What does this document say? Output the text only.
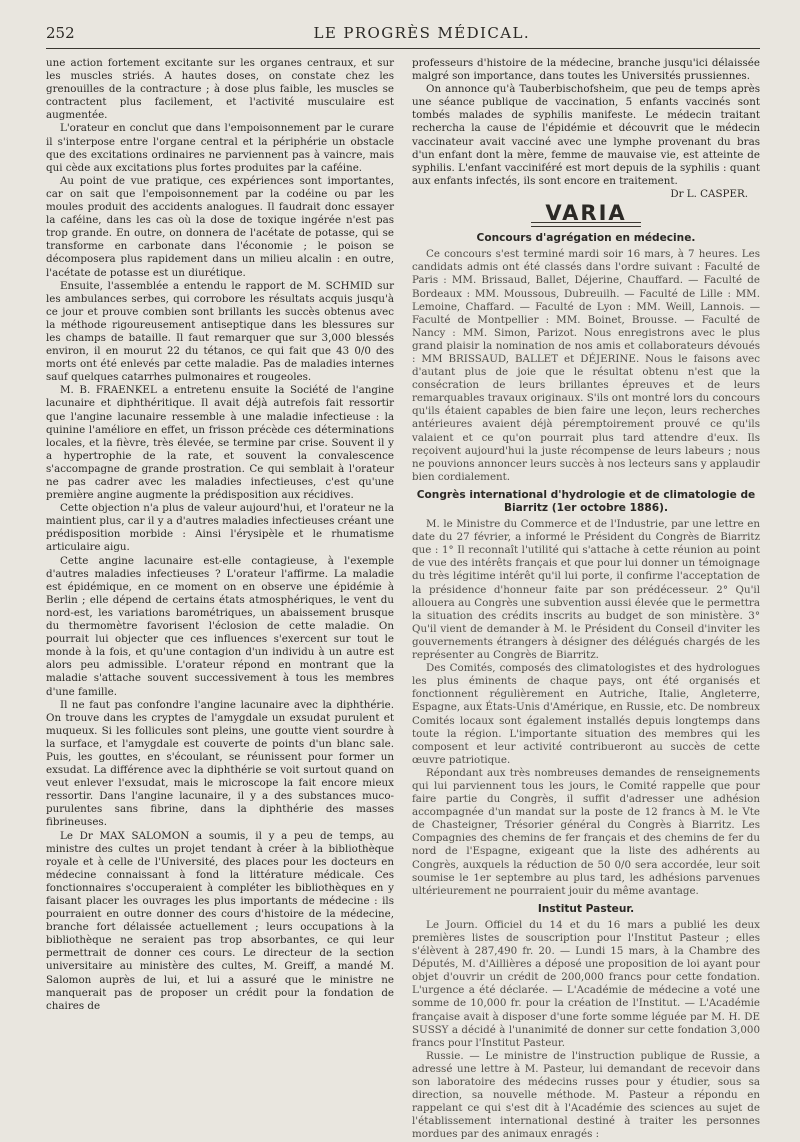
252	LE PROGRÈS MÉDICAL.

une action fortement excitante sur les organes centraux, et sur les muscles striés. A hautes doses, on constate chez les grenouilles de la contracture ; à dose plus faible, les muscles se contractent plus facilement, et l'activité musculaire est augmentée.

L'orateur en conclut que dans l'empoisonnement par le curare il s'interpose entre l'organe central et la périphérie un obstacle que des excitations ordinaires ne parviennent pas à vaincre, mais qui cède aux excitations plus fortes produites par la caféine.

Au point de vue pratique, ces expériences sont importantes, car on sait que l'empoisonnement par la codéine ou par les moules produit des accidents analogues. Il faudrait donc essayer la caféine, dans les cas où la dose de toxique ingérée n'est pas trop grande. En outre, on donnera de l'acétate de potasse, qui se transforme en carbonate dans l'économie ; le poison se décomposera plus rapidement dans un milieu alcalin : en outre, l'acétate de potasse est un diurétique.

Ensuite, l'assemblée a entendu le rapport de M. SCHMID sur les ambulances serbes, qui corrobore les résultats acquis jusqu'à ce jour et prouve combien sont brillants les succès obtenus avec la méthode rigoureusement antiseptique dans les blessures sur les champs de bataille. Il faut remarquer que sur 3,000 blessés environ, il en mourut 22 du tétanos, ce qui fait que 43 0/0 des morts ont été enlevés par cette maladie. Pas de maladies internes sauf quelques catarrhes pulmonaires et rougeoles.

M. B. FRAENKEL a entretenu ensuite la Société de l'angine lacunaire et diphthéritique. Il avait déjà autrefois fait ressortir que l'angine lacunaire ressemble à une maladie infectieuse : la quinine l'améliore en effet, un frisson précède ces déterminations locales, et la fièvre, très élevée, se termine par crise. Souvent il y a hypertrophie de la rate, et souvent la convalescence s'accompagne de grande prostration. Ce qui semblait à l'orateur ne pas cadrer avec les maladies infectieuses, c'est qu'une première angine augmente la prédisposition aux récidives.

Cette objection n'a plus de valeur aujourd'hui, et l'orateur ne la maintient plus, car il y a d'autres maladies infectieuses créant une prédisposition morbide : Ainsi l'érysipèle et le rhumatisme articulaire aigu.

Cette angine lacunaire est-elle contagieuse, à l'exemple d'autres maladies infectieuses ? L'orateur l'affirme. La maladie est épidémique, en ce moment on en observe une épidémie à Berlin ; elle dépend de certains états atmosphériques, le vent du nord-est, les variations barométriques, un abaissement brusque du thermomètre favorisent l'éclosion de cette maladie. On pourrait lui objecter que ces influences s'exercent sur tout le monde à la fois, et qu'une contagion d'un individu à un autre est alors peu admissible. L'orateur répond en montrant que la maladie s'attache souvent successivement à tous les membres d'une famille.

Il ne faut pas confondre l'angine lacunaire avec la diphthérie. On trouve dans les cryptes de l'amygdale un exsudat purulent et muqueux. Si les follicules sont pleins, une goutte vient sourdre à la surface, et l'amygdale est couverte de points d'un blanc sale. Puis, les gouttes, en s'écoulant, se réunissent pour former un exsudat. La différence avec la diphthérie se voit surtout quand on veut enlever l'exsudat, mais le microscope la fait encore mieux ressortir. Dans l'angine lacunaire, il y a des substances muco-purulentes sans fibrine, dans la diphthérie des masses fibrineuses.

Le Dr MAX SALOMON a soumis, il y a peu de temps, au ministre des cultes un projet tendant à créer à la bibliothèque royale et à celle de l'Université, des places pour les docteurs en médecine connaissant à fond la littérature médicale. Ces fonctionnaires s'occuperaient à compléter les bibliothèques en y faisant placer les ouvrages les plus importants de médecine : ils pourraient en outre donner des cours d'histoire de la médecine, branche fort délaissée actuellement ; leurs occupations à la bibliothèque ne seraient pas trop absorbantes, ce qui leur permettrait de donner ces cours. Le directeur de la section universitaire au ministère des cultes, M. Greiff, a mandé M. Salomon auprès de lui, et lui a assuré que le ministre ne manquerait pas de proposer un crédit pour la fondation de chaires de

professeurs d'histoire de la médecine, branche jusqu'ici délaissée malgré son importance, dans toutes les Universités prussiennes.

On annonce qu'à Tauberbischofsheim, que peu de temps après une séance publique de vaccination, 5 enfants vaccinés sont tombés malades de syphilis manifeste. Le médecin traitant rechercha la cause de l'épidémie et découvrit que le médecin vaccinateur avait vacciné avec une lymphe provenant du bras d'un enfant dont la mère, femme de mauvaise vie, est atteinte de syphilis. L'enfant vacciniféré est mort depuis de la syphilis : quant aux enfants infectés, ils sont encore en traitement.

Dr L. CASPER.

VARIA
Concours d'agrégation en médecine.

Ce concours s'est terminé mardi soir 16 mars, à 7 heures. Les candidats admis ont été classés dans l'ordre suivant : Faculté de Paris : MM. Brissaud, Ballet, Déjerine, Chauffard. — Faculté de Bordeaux : MM. Moussous, Dubreuilh. — Faculté de Lille : MM. Lemoine, Chaffard. — Faculté de Lyon : MM. Weill, Lannois. — Faculté de Montpellier : MM. Boinet, Brousse. — Faculté de Nancy : MM. Simon, Parizot. Nous enregistrons avec le plus grand plaisir la nomination de nos amis et collaborateurs dévoués : MM BRISSAUD, BALLET et DÉJERINE. Nous le faisons avec d'autant plus de joie que le résultat obtenu n'est que la consécration de leurs brillantes épreuves et de leurs remarquables travaux originaux. S'ils ont montré lors du concours qu'ils étaient capables de bien faire une leçon, leurs recherches antérieures avaient déjà péremptoirement prouvé ce qu'ils valaient et ce qu'on pourrait plus tard attendre d'eux. Ils reçoivent aujourd'hui la juste récompense de leurs labeurs ; nous ne pouvions annoncer leurs succès à nos lecteurs sans y applaudir bien cordialement.

Congrès international d'hydrologie et de climatologie de Biarritz (1er octobre 1886).

M. le Ministre du Commerce et de l'Industrie, par une lettre en date du 27 février, a informé le Président du Congrès de Biarritz que : 1° Il reconnaît l'utilité qui s'attache à cette réunion au point de vue des intérêts français et que pour lui donner un témoignage du très légitime intérêt qu'il lui porte, il confirme l'acceptation de la présidence d'honneur faite par son prédécesseur. 2° Qu'il allouera au Congrès une subvention aussi élevée que le permettra la situation des crédits inscrits au budget de son ministère. 3° Qu'il vient de demander à M. le Président du Conseil d'inviter les gouvernements étrangers à désigner des délégués chargés de les représenter au Congrès de Biarritz.

Des Comités, composés des climatologistes et des hydrologues les plus éminents de chaque pays, ont été organisés et fonctionnent régulièrement en Autriche, Italie, Angleterre, Espagne, aux États-Unis d'Amérique, en Russie, etc. De nombreux Comités locaux sont également installés depuis longtemps dans toute la région. L'importante situation des membres qui les composent et leur activité contribueront au succès de cette œuvre patriotique.

Répondant aux très nombreuses demandes de renseignements qui lui parviennent tous les jours, le Comité rappelle que pour faire partie du Congrès, il suffit d'adresser une adhésion accompagnée d'un mandat sur la poste de 12 francs à M. le Vte de Chasteigner, Trésorier général du Congrès à Biarritz. Les Compagnies des chemins de fer français et des chemins de fer du nord de l'Espagne, exigeant que la liste des adhérents au Congrès, auxquels la réduction de 50 0/0 sera accordée, leur soit soumise le 1er septembre au plus tard, les adhésions parvenues ultérieurement ne pourraient jouir du même avantage.

Institut Pasteur.

Le Journ. Officiel du 14 et du 16 mars a publié les deux premières listes de souscription pour l'Institut Pasteur ; elles s'élèvent à 287,490 fr. 20. — Lundi 15 mars, à la Chambre des Députés, M. d'Aillières a déposé une proposition de loi ayant pour objet d'ouvrir un crédit de 200,000 francs pour cette fondation. L'urgence a été déclarée. — L'Académie de médecine a voté une somme de 10,000 fr. pour la création de l'Institut. — L'Académie française avait à disposer d'une forte somme léguée par M. H. DE SUSSY a décidé à l'unanimité de donner sur cette fondation 3,000 francs pour l'Institut Pasteur.

Russie. — Le ministre de l'instruction publique de Russie, a adressé une lettre à M. Pasteur, lui demandant de recevoir dans son laboratoire des médecins russes pour y étudier, sous sa direction, sa nouvelle méthode. M. Pasteur a répondu en rappelant ce qui s'est dit à l'Académie des sciences au sujet de l'établissement international destiné à traiter les personnes mordues par des animaux enragés :
